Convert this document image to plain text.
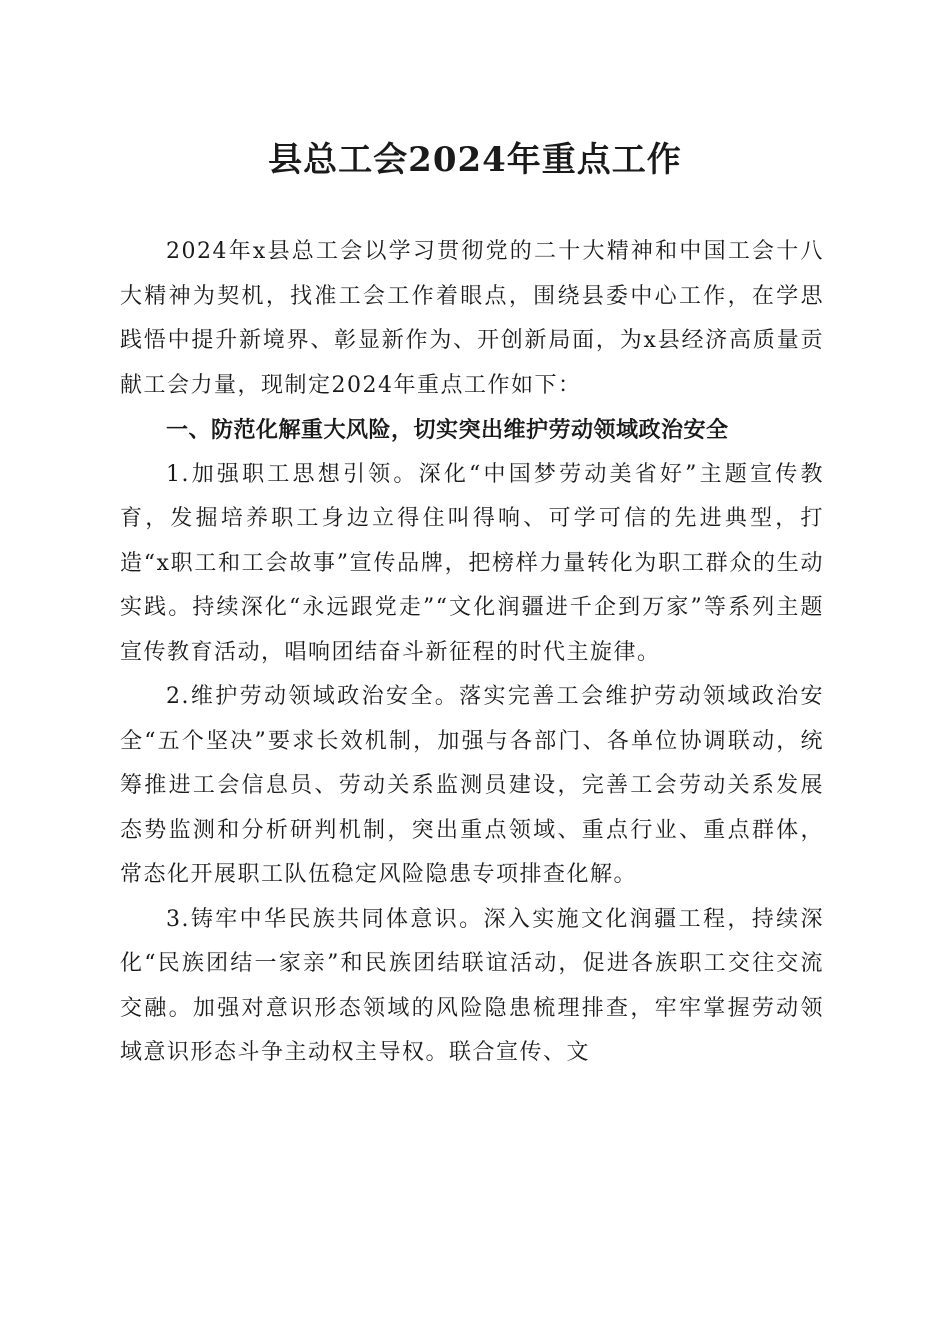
县总工会2024年重点工作

2024年x县总工会以学习贯彻党的二十大精神和中国工会十八大精神为契机，找准工会工作着眼点，围绕县委中心工作，在学思践悟中提升新境界、彰显新作为、开创新局面，为x县经济高质量贡献工会力量，现制定2024年重点工作如下：

一、防范化解重大风险，切实突出维护劳动领域政治安全

1.加强职工思想引领。深化“中国梦劳动美省好”主题宣传教育，发掘培养职工身边立得住叫得响、可学可信的先进典型，打造“x职工和工会故事”宣传品牌，把榜样力量转化为职工群众的生动实践。持续深化“永远跟党走”“文化润疆进千企到万家”等系列主题宣传教育活动，唱响团结奋斗新征程的时代主旋律。

2.维护劳动领域政治安全。落实完善工会维护劳动领域政治安全“五个坚决”要求长效机制，加强与各部门、各单位协调联动，统筹推进工会信息员、劳动关系监测员建设，完善工会劳动关系发展态势监测和分析研判机制，突出重点领域、重点行业、重点群体，常态化开展职工队伍稳定风险隐患专项排查化解。

3.铸牢中华民族共同体意识。深入实施文化润疆工程，持续深化“民族团结一家亲”和民族团结联谊活动，促进各族职工交往交流交融。加强对意识形态领域的风险隐患梳理排查，牢牢掌握劳动领域意识形态斗争主动权主导权。联合宣传、文
